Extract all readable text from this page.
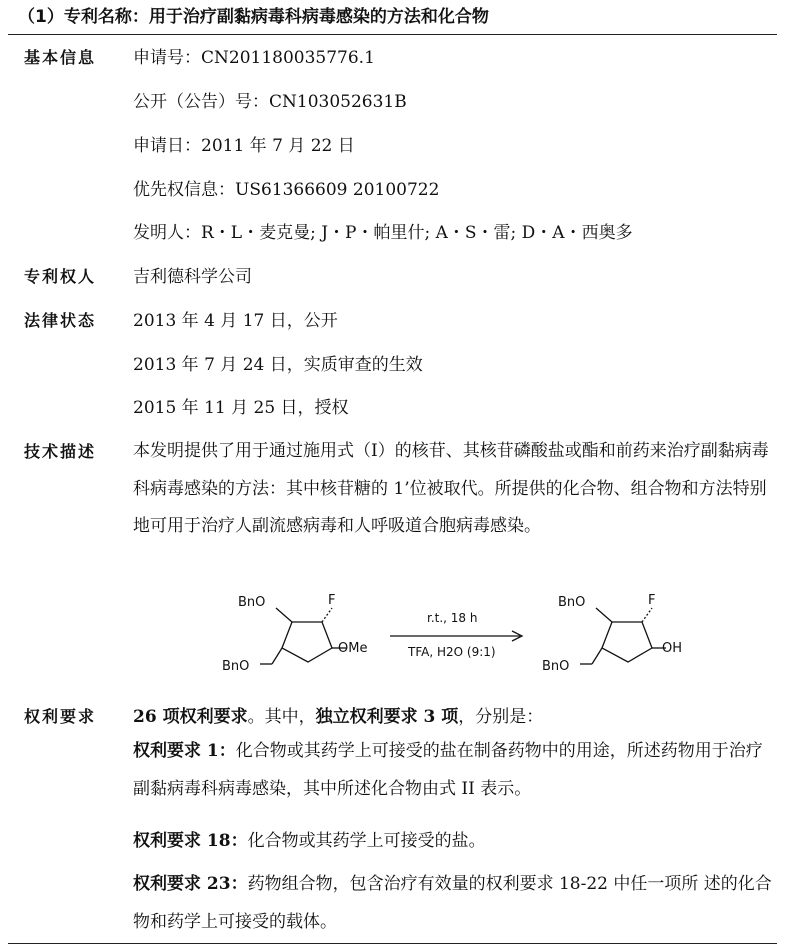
（1）专利名称：用于治疗副黏病毒科病毒感染的方法和化合物
基本信息 申请号：CN201180035776.1
公开（公告）号：CN103052631B
申请日：2011 年 7 月 22 日
优先权信息：US61366609 20100722
发明人：R・L・麦克曼; J・P・帕里什; A・S・雷; D・A・西奥多
专利权人 吉利德科学公司
法律状态 2013 年 4 月 17 日，公开
2013 年 7 月 24 日，实质审查的生效
2015 年 11 月 25 日，授权
技术描述 本发明提供了用于通过施用式（I）的核苷、其核苷磷酸盐或酯和前药来治疗副黏病毒科病毒感染的方法：其中核苷糖的 1’位被取代。所提供的化合物、组合物和方法特别地可用于治疗人副流感病毒和人呼吸道合胞病毒感染。
BnO	F
BnO
OMe
r.t., 18 h
TFA, H2O (9:1)
BnO	F
BnO
OH
权利要求 26 项权利要求。其中，独立权利要求 3 项，分别是：
权利要求 1：化合物或其药学上可接受的盐在制备药物中的用途，所述药物用于治疗副黏病毒科病毒感染，其中所述化合物由式 II 表示。
权利要求 18：化合物或其药学上可接受的盐。
权利要求 23：药物组合物，包含治疗有效量的权利要求 18-22 中任一项所 述的化合物和药学上可接受的载体。
